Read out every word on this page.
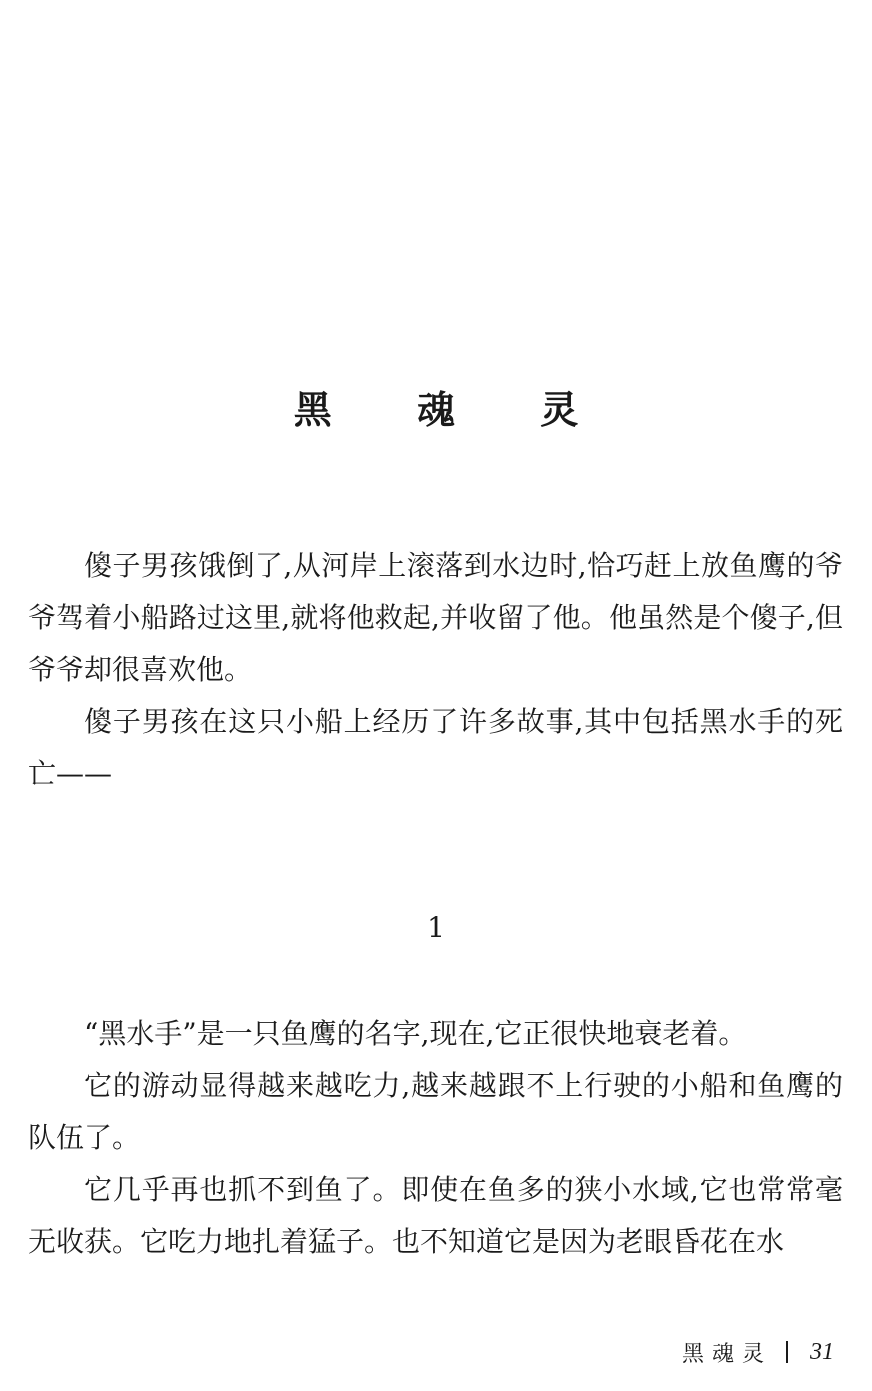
黑 魂 灵

傻子男孩饿倒了,从河岸上滚落到水边时,恰巧赶上放鱼鹰的爷爷驾着小船路过这里,就将他救起,并收留了他。他虽然是个傻子,但爷爷却很喜欢他。

傻子男孩在这只小船上经历了许多故事,其中包括黑水手的死亡——

1

“黑水手”是一只鱼鹰的名字,现在,它正很快地衰老着。

它的游动显得越来越吃力,越来越跟不上行驶的小船和鱼鹰的队伍了。

它几乎再也抓不到鱼了。即使在鱼多的狭小水域,它也常常毫无收获。它吃力地扎着猛子。也不知道它是因为老眼昏花在水

黑魂灵 31
